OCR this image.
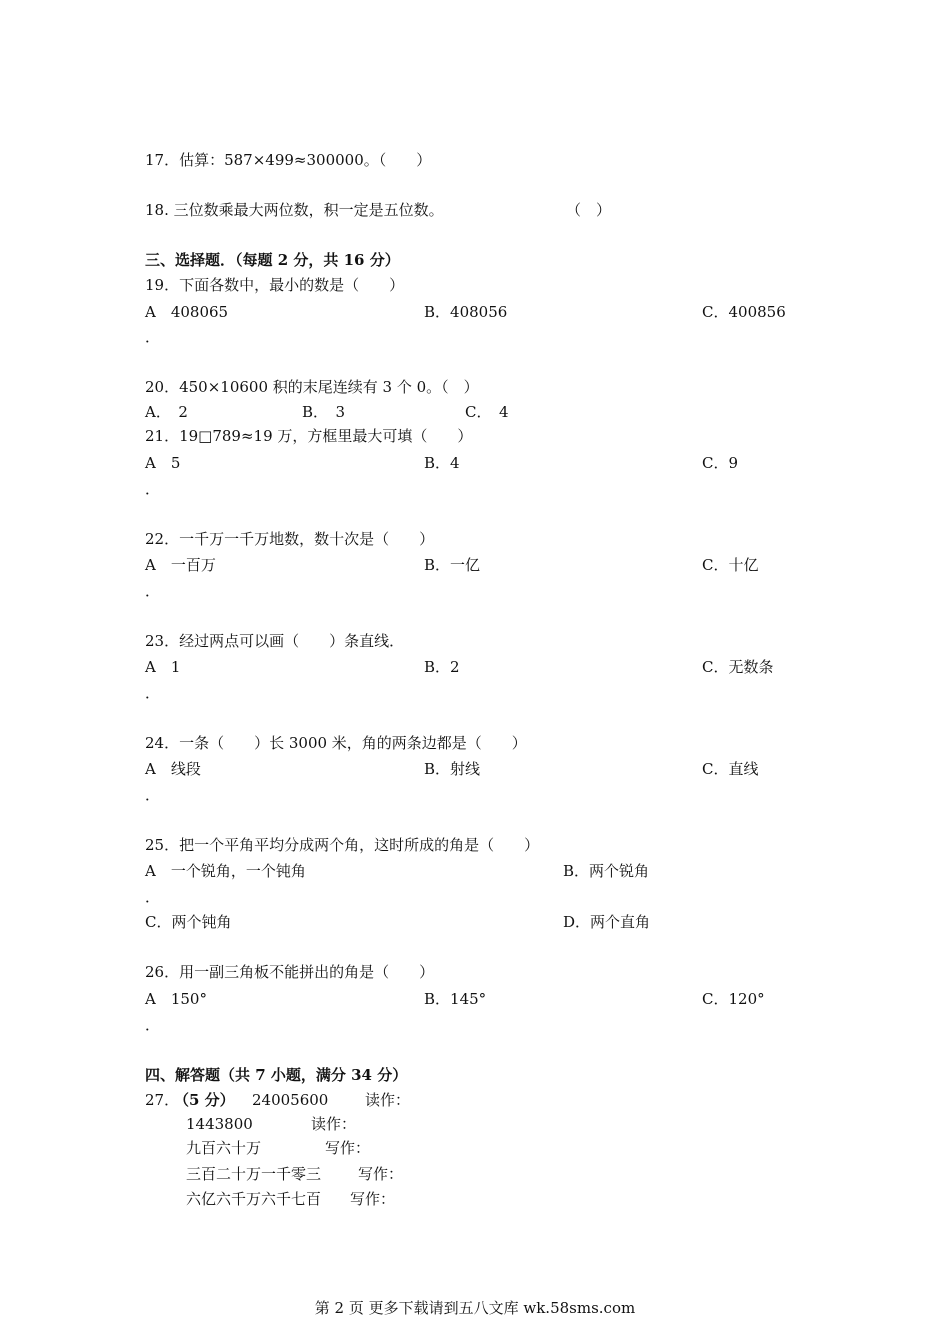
17．估算：587×499≈300000。（　　）
18. 三位数乘最大两位数，积一定是五位数。	（　）
三、选择题．（每题 2 分，共 16 分）
19．下面各数中，最小的数是（　　）
A　408065	B．408056	C．400856
．
20．450×10600 积的末尾连续有 3 个 0。（　）
A．　2	B．　3	C．　4
21．19□789≈19 万，方框里最大可填（　　）
A　5	B．4	C．9
．
22．一千万一千万地数，数十次是（　　）
A　一百万	B．一亿	C．十亿
．
23．经过两点可以画（　　）条直线．
A　1	B．2	C．无数条
．
24．一条（　　）长 3000 米，角的两条边都是（　　）
A　线段	B．射线	C．直线
．
25．把一个平角平均分成两个角，这时所成的角是（　　）
A　一个锐角，一个钝角	B．两个锐角
．
C．两个钝角	D．两个直角
26．用一副三角板不能拼出的角是（　　）
A　150°	B．145°	C．120°
．
四、解答题（共 7 小题，满分 34 分）
27．
（5 分） 24005600 读作：
1443800	读作：
九百六十万	写作：
三百二十万一千零三 写作：
六亿六千万六千七百 写作：
第 2 页 更多下载请到五八文库 wk.58sms.com
